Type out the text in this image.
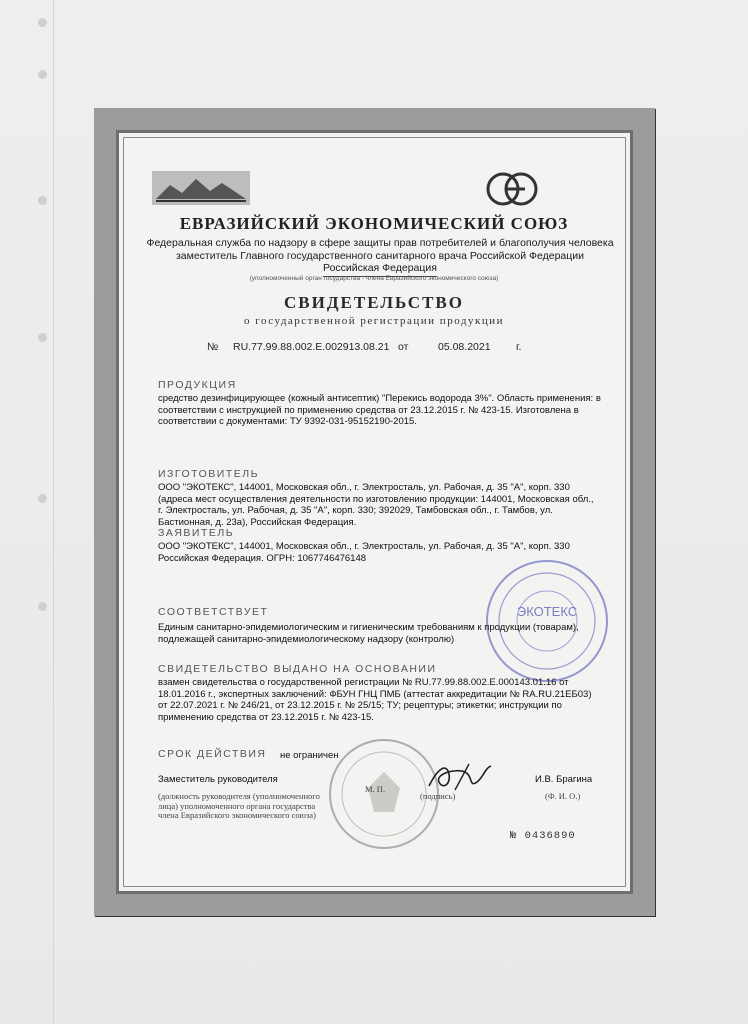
ЕВРАЗИЙСКИЙ ЭКОНОМИЧЕСКИЙ СОЮЗ
Федеральная служба по надзору в сфере защиты прав потребителей и благополучия человека
заместитель Главного государственного санитарного врача Российской Федерации
Российская Федерация
(уполномоченный орган государства - члена Евразийского экономического союза)
СВИДЕТЕЛЬСТВО
о государственной регистрации продукции
№ RU.77.99.88.002.Е.002913.08.21 от	05.08.2021 г.
ПРОДУКЦИЯ
средство дезинфицирующее (кожный антисептик) "Перекись водорода 3%". Область применения: в
соответствии с инструкцией по применению средства от 23.12.2015 г. № 423-15. Изготовлена в
соответствии с документами: ТУ 9392-031-95152190-2015.
ИЗГОТОВИТЕЛЬ
ООО "ЭКОТЕКС", 144001, Московская обл., г. Электросталь, ул. Рабочая, д. 35 "А", корп. 330
(адреса мест осуществления деятельности по изготовлению продукции: 144001, Московская обл.,
г. Электросталь, ул. Рабочая, д. 35 "А", корп. 330; 392029, Тамбовская обл., г. Тамбов, ул.
Бастионная, д. 23а), Российская Федерация.
ЗАЯВИТЕЛЬ
ООО "ЭКОТЕКС", 144001, Московская обл., г. Электросталь, ул. Рабочая, д. 35 "А", корп. 330
Российская Федерация. ОГРН: 1067746476148
ЭКОТЕКС
СООТВЕТСТВУЕТ
Единым санитарно-эпидемиологическим и гигиеническим требованиям к продукции (товарам),
подлежащей санитарно-эпидемиологическому надзору (контролю)
СВИДЕТЕЛЬСТВО ВЫДАНО НА ОСНОВАНИИ
взамен свидетельства о государственной регистрации № RU.77.99.88.002.Е.000143.01.16 от
18.01.2016 г., экспертных заключений: ФБУН ГНЦ ПМБ (аттестат аккредитации № RA.RU.21ЕБ03)
от 22.07.2021 г. № 246/21, от 23.12.2015 г. № 25/15; ТУ; рецептуры; этикетки; инструкции по
применению средства от 23.12.2015 г. № 423-15.
СРОК ДЕЙСТВИЯ не ограничен
Заместитель руководителя	И.В. Брагина
М. П.
(должность руководителя (уполномоченного
лица) уполномоченного органа государства
члена Евразийского экономического союза)
(подпись)	(Ф. И. О.)
№ 0436890
